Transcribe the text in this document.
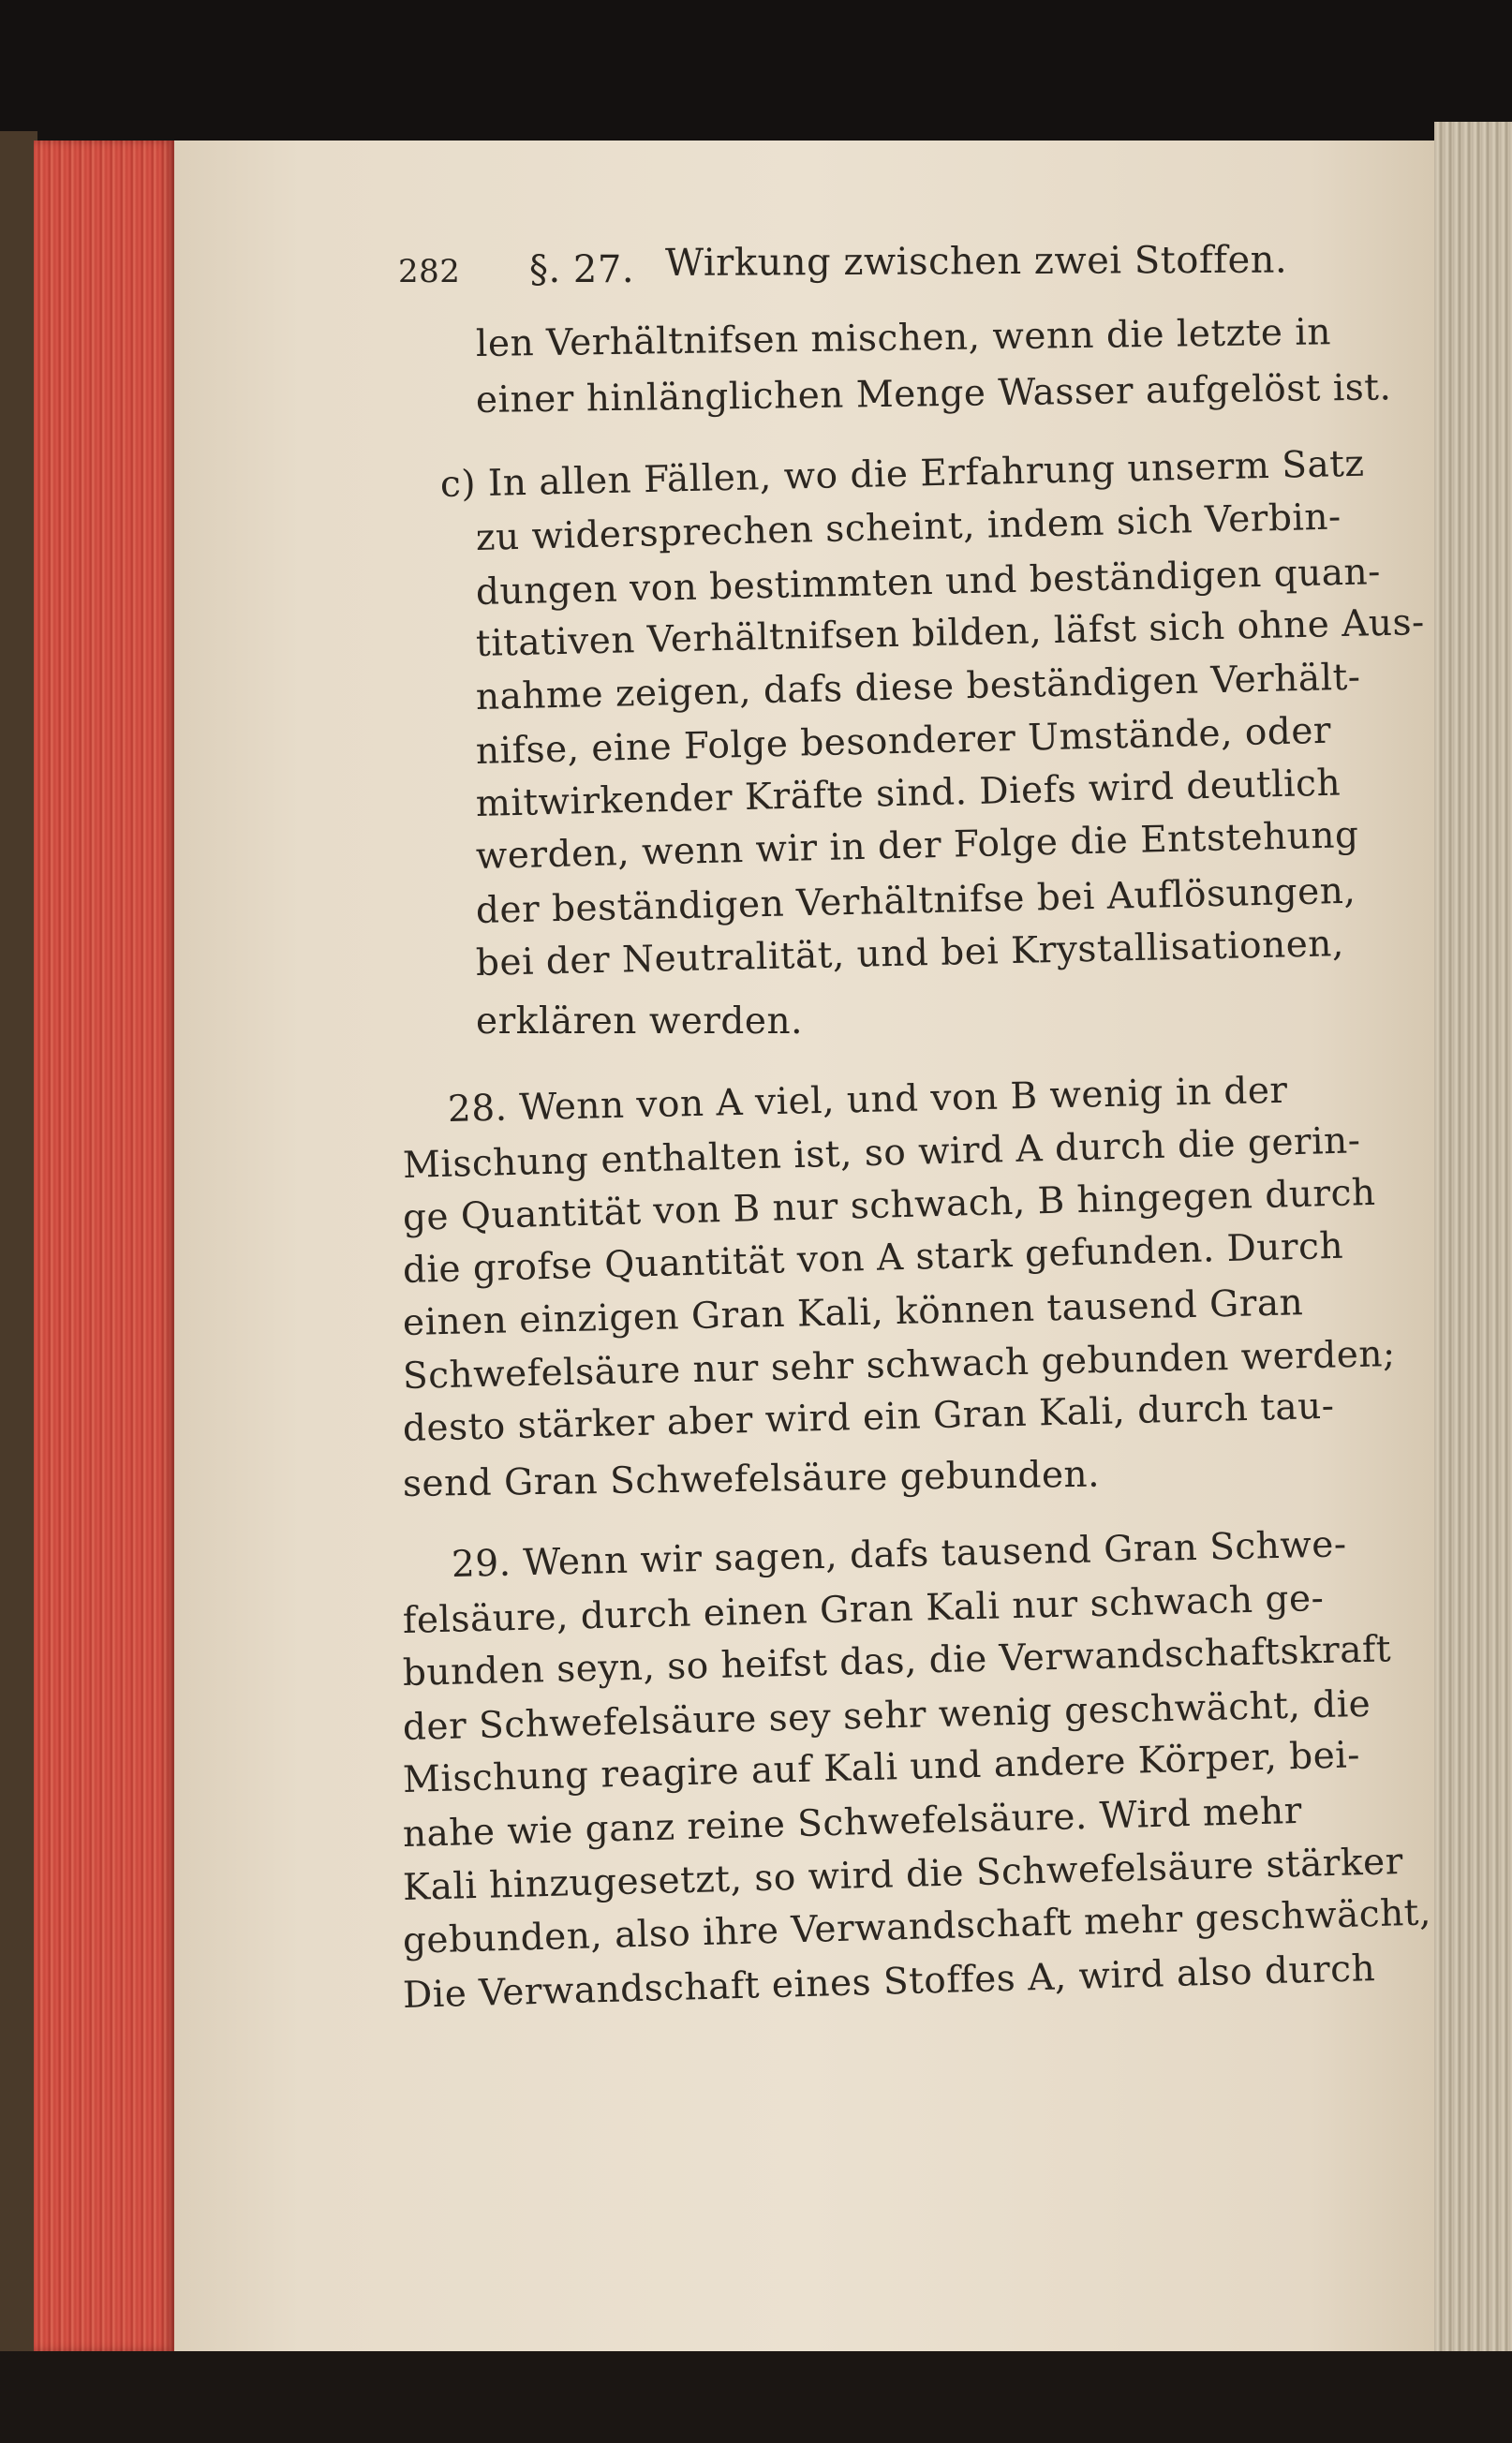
282 §. 27. Wirkung zwischen zwei Stoffen.
len Verhältnifsen mischen, wenn die letzte in
einer hinlänglichen Menge Wasser aufgelöst ist.
c) In allen Fällen, wo die Erfahrung unserm Satz
zu widersprechen scheint, indem sich Verbin-
dungen von bestimmten und beständigen quan-
titativen Verhältnifsen bilden, läfst sich ohne Aus-
nahme zeigen, dafs diese beständigen Verhält-
nifse, eine Folge besonderer Umstände, oder
mitwirkender Kräfte sind. Diefs wird deutlich
werden, wenn wir in der Folge die Entstehung
der beständigen Verhältnifse bei Auflösungen,
bei der Neutralität, und bei Krystallisationen,
erklären werden.
28. Wenn von A viel, und von B wenig in der
Mischung enthalten ist, so wird A durch die gerin-
ge Quantität von B nur schwach, B hingegen durch
die grofse Quantität von A stark gefunden. Durch
einen einzigen Gran Kali, können tausend Gran
Schwefelsäure nur sehr schwach gebunden werden;
desto stärker aber wird ein Gran Kali, durch tau-
send Gran Schwefelsäure gebunden.
29. Wenn wir sagen, dafs tausend Gran Schwe-
felsäure, durch einen Gran Kali nur schwach ge-
bunden seyn, so heifst das, die Verwandschaftskraft
der Schwefelsäure sey sehr wenig geschwächt, die
Mischung reagire auf Kali und andere Körper, bei-
nahe wie ganz reine Schwefelsäure. Wird mehr
Kali hinzugesetzt, so wird die Schwefelsäure stärker
gebunden, also ihre Verwandschaft mehr geschwächt,
Die Verwandschaft eines Stoffes A, wird also durch
